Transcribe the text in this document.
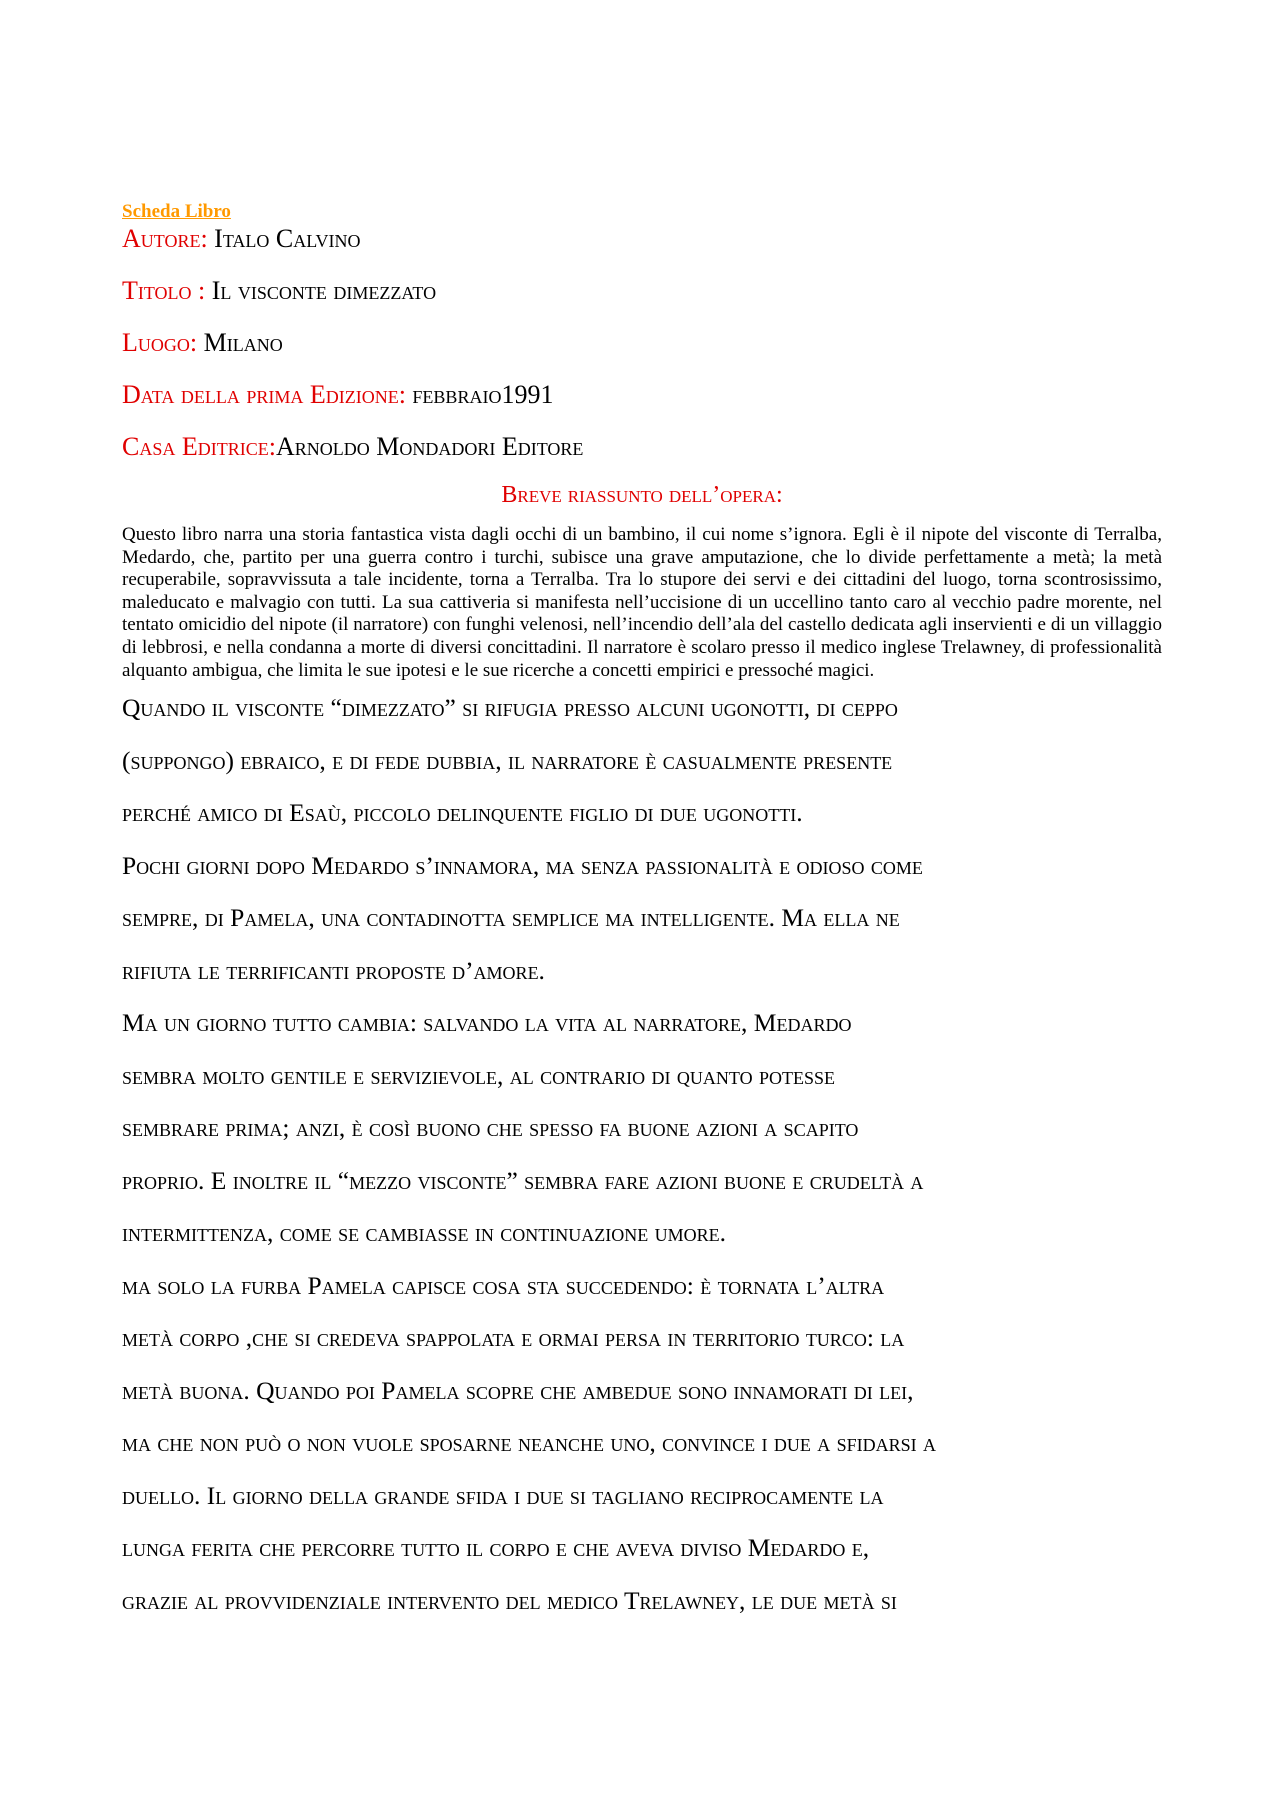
Scheda Libro

Autore: Italo Calvino

Titolo : Il visconte dimezzato

Luogo: Milano

Data della prima Edizione: febbraio1991

Casa Editrice:Arnoldo Mondadori Editore

Breve riassunto dell’opera:

Questo libro narra una storia fantastica vista dagli occhi di un bambino, il cui nome s’ignora. Egli è il nipote del visconte di Terralba, Medardo, che, partito per una guerra contro i turchi, subisce una grave amputazione, che lo divide perfettamente a metà; la metà recuperabile, sopravvissuta a tale incidente, torna a Terralba. Tra lo stupore dei servi e dei cittadini del luogo, torna scontrosissimo, maleducato e malvagio con tutti. La sua cattiveria si manifesta nell’uccisione di un uccellino tanto caro al vecchio padre morente, nel tentato omicidio del nipote (il narratore) con funghi velenosi, nell’incendio dell’ala del castello dedicata agli inservienti e di un villaggio di lebbrosi, e nella condanna a morte di diversi concittadini. Il narratore è scolaro presso il medico inglese Trelawney, di professionalità alquanto ambigua, che limita le sue ipotesi e le sue ricerche a concetti empirici e pressoché magici.

Quando il visconte “dimezzato” si rifugia presso alcuni ugonotti, di ceppo

(suppongo) ebraico, e di fede dubbia, il narratore è casualmente presente

perché amico di Esaù, piccolo delinquente figlio di due ugonotti.

Pochi giorni dopo Medardo s’innamora, ma senza passionalità e odioso come

sempre, di Pamela, una contadinotta semplice ma intelligente. Ma ella ne

rifiuta le terrificanti proposte d’amore.

Ma un giorno tutto cambia: salvando la vita al narratore, Medardo

sembra molto gentile e servizievole, al contrario di quanto potesse

sembrare prima; anzi, è così buono che spesso fa buone azioni a scapito

proprio. E inoltre il “mezzo visconte” sembra fare azioni buone e crudeltà a

intermittenza, come se cambiasse in continuazione umore.

ma solo la furba Pamela capisce cosa sta succedendo: è tornata l’altra

metà corpo ,che si credeva spappolata e ormai persa in territorio turco: la

metà buona. Quando poi Pamela scopre che ambedue sono innamorati di lei,

ma che non può o non vuole sposarne neanche uno, convince i due a sfidarsi a

duello. Il giorno della grande sfida i due si tagliano reciprocamente la

lunga ferita che percorre tutto il corpo e che aveva diviso Medardo e,

grazie al provvidenziale intervento del medico Trelawney, le due metà si
